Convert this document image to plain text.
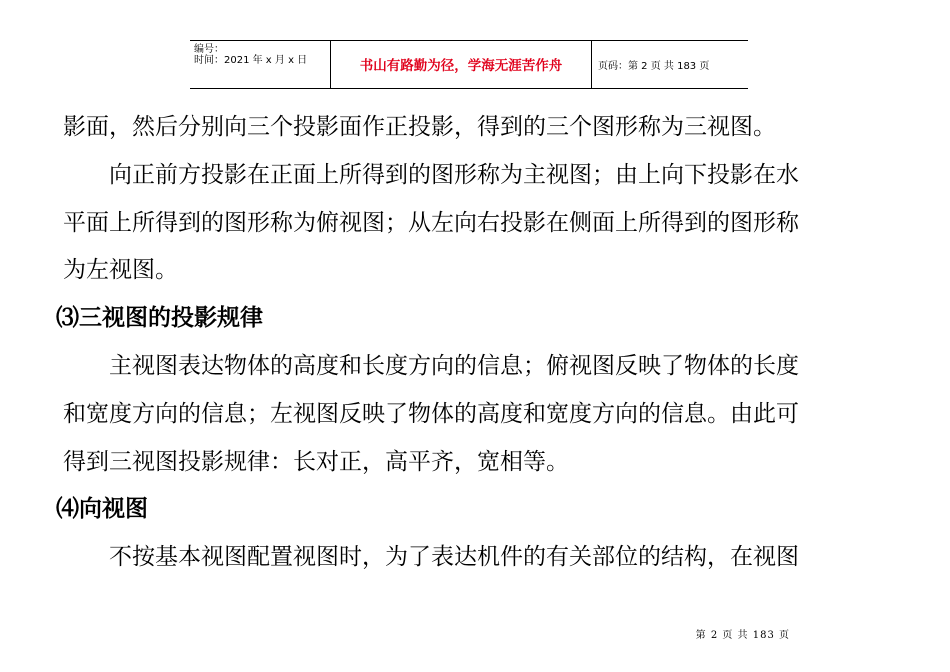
编号：
时间：2021 年 x 月 x 日	书山有路勤为径，学海无涯苦作舟	页码：第 2 页 共 183 页
影面，然后分别向三个投影面作正投影，得到的三个图形称为三视图。
向正前方投影在正面上所得到的图形称为主视图；由上向下投影在水
平面上所得到的图形称为俯视图；从左向右投影在侧面上所得到的图形称
为左视图。
⑶三视图的投影规律
主视图表达物体的高度和长度方向的信息；俯视图反映了物体的长度
和宽度方向的信息；左视图反映了物体的高度和宽度方向的信息。由此可
得到三视图投影规律：长对正，高平齐，宽相等。
⑷向视图
不按基本视图配置视图时，为了表达机件的有关部位的结构，在视图
第 2 页 共 183 页
